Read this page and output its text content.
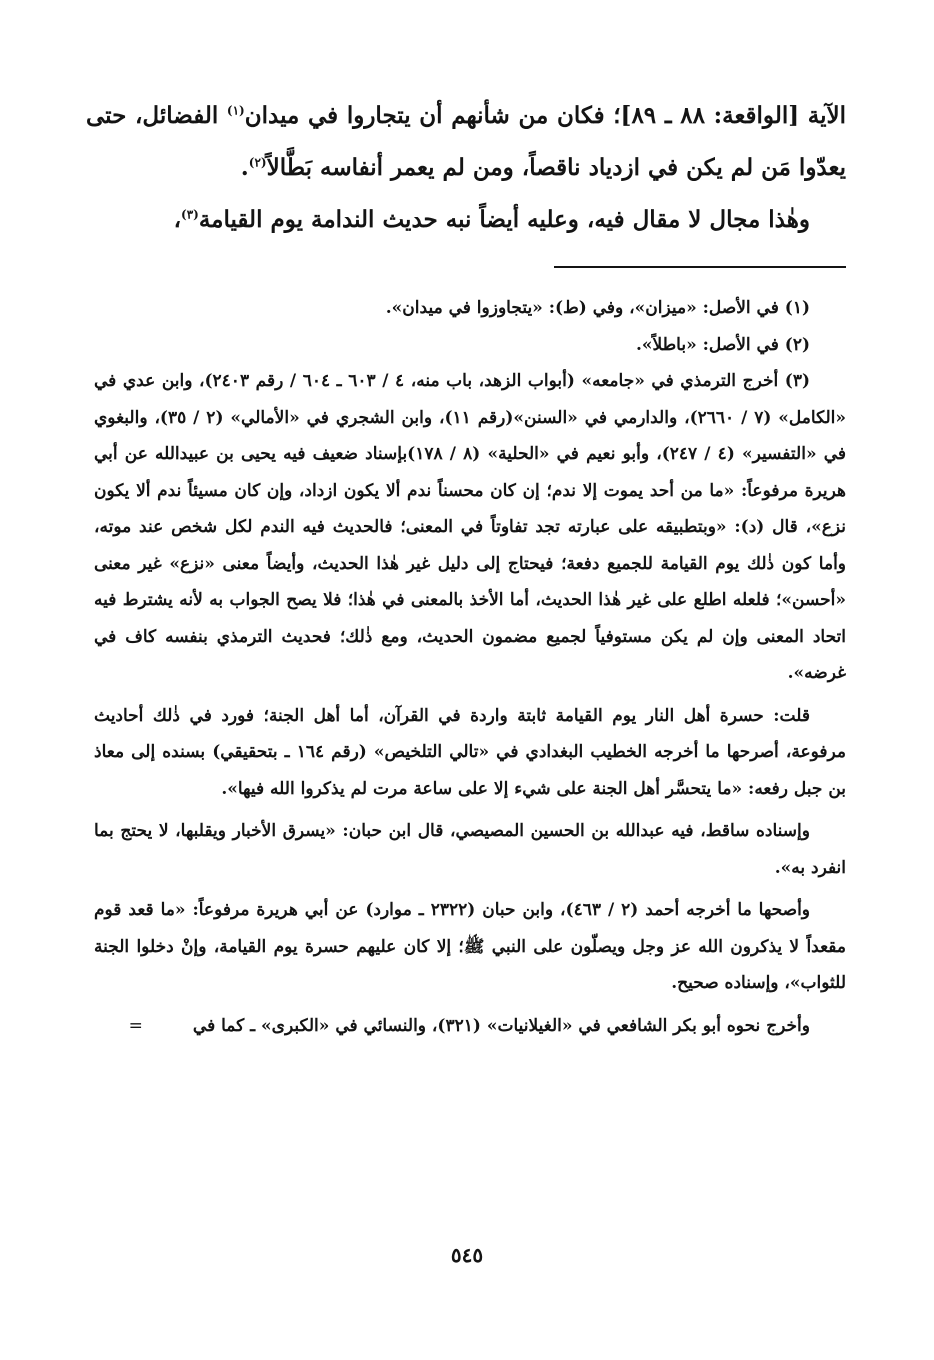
الآية [الواقعة: ٨٨ ـ ٨٩]؛ فكان من شأنهم أن يتجاروا في ميدان$^{(١)}$ الفضائل، حتى يعدّوا مَن لم يكن في ازدياد ناقصاً، ومن لم يعمر أنفاسه بَطَّالاً$^{(٢)}$.

وهٰذا مجال لا مقال فيه، وعليه أيضاً نبه حديث الندامة يوم القيامة$^{(٣)}$،

(١) في الأصل: «ميزان»، وفي (ط): «يتجاوزوا في ميدان».

(٢) في الأصل: «باطلاً».

(٣) أخرج الترمذي في «جامعه» (أبواب الزهد، باب منه، ٤ / ٦٠٣ ـ ٦٠٤ / رقم ٢٤٠٣)، وابن عدي في «الكامل» (٧ / ٢٦٦٠)، والدارمي في «السنن»(رقم ١١)، وابن الشجري في «الأمالي» (٢ / ٣٥)، والبغوي في «التفسير» (٤ / ٢٤٧)، وأبو نعيم في «الحلية» (٨ / ١٧٨)بإسناد ضعيف فيه يحيى بن عبيدالله عن أبي هريرة مرفوعاً: «ما من أحد يموت إلا ندم؛ إن كان محسناً ندم ألا يكون ازداد، وإن كان مسيئاً ندم ألا يكون نزع»، قال (د): «وبتطبيقه على عبارته تجد تفاوتاً في المعنى؛ فالحديث فيه الندم لكل شخص عند موته، وأما كون ذٰلك يوم القيامة للجميع دفعة؛ فيحتاج إلى دليل غير هٰذا الحديث، وأيضاً معنى «نزع» غير معنى «أحسن»؛ فلعله اطلع على غير هٰذا الحديث، أما الأخذ بالمعنى في هٰذا؛ فلا يصح الجواب به لأنه يشترط فيه اتحاد المعنى وإن لم يكن مستوفياً لجميع مضمون الحديث، ومع ذٰلك؛ فحديث الترمذي بنفسه كاف في غرضه».

قلت: حسرة أهل النار يوم القيامة ثابتة واردة في القرآن، أما أهل الجنة؛ فورد في ذٰلك أحاديث مرفوعة، أصرحها ما أخرجه الخطيب البغدادي في «تالي التلخيص» (رقم ١٦٤ ـ بتحقيقي) بسنده إلى معاذ بن جبل رفعه: «ما يتحسَّر أهل الجنة على شيء إلا على ساعة مرت لم يذكروا الله فيها».

وإسناده ساقط، فيه عبدالله بن الحسين المصيصي، قال ابن حبان: «يسرق الأخبار ويقلبها، لا يحتج بما انفرد به».

وأصحها ما أخرجه أحمد (٢ / ٤٦٣)، وابن حبان (٢٣٢٢ ـ موارد) عن أبي هريرة مرفوعاً: «ما قعد قوم مقعداً لا يذكرون الله عز وجل ويصلّون على النبي ﷺ؛ إلا كان عليهم حسرة يوم القيامة، وإنْ دخلوا الجنة للثواب»، وإسناده صحيح.

وأخرج نحوه أبو بكر الشافعي في «الغيلانيات» (٣٢١)، والنسائي في «الكبرى» ـ كما في=

٥٤٥
